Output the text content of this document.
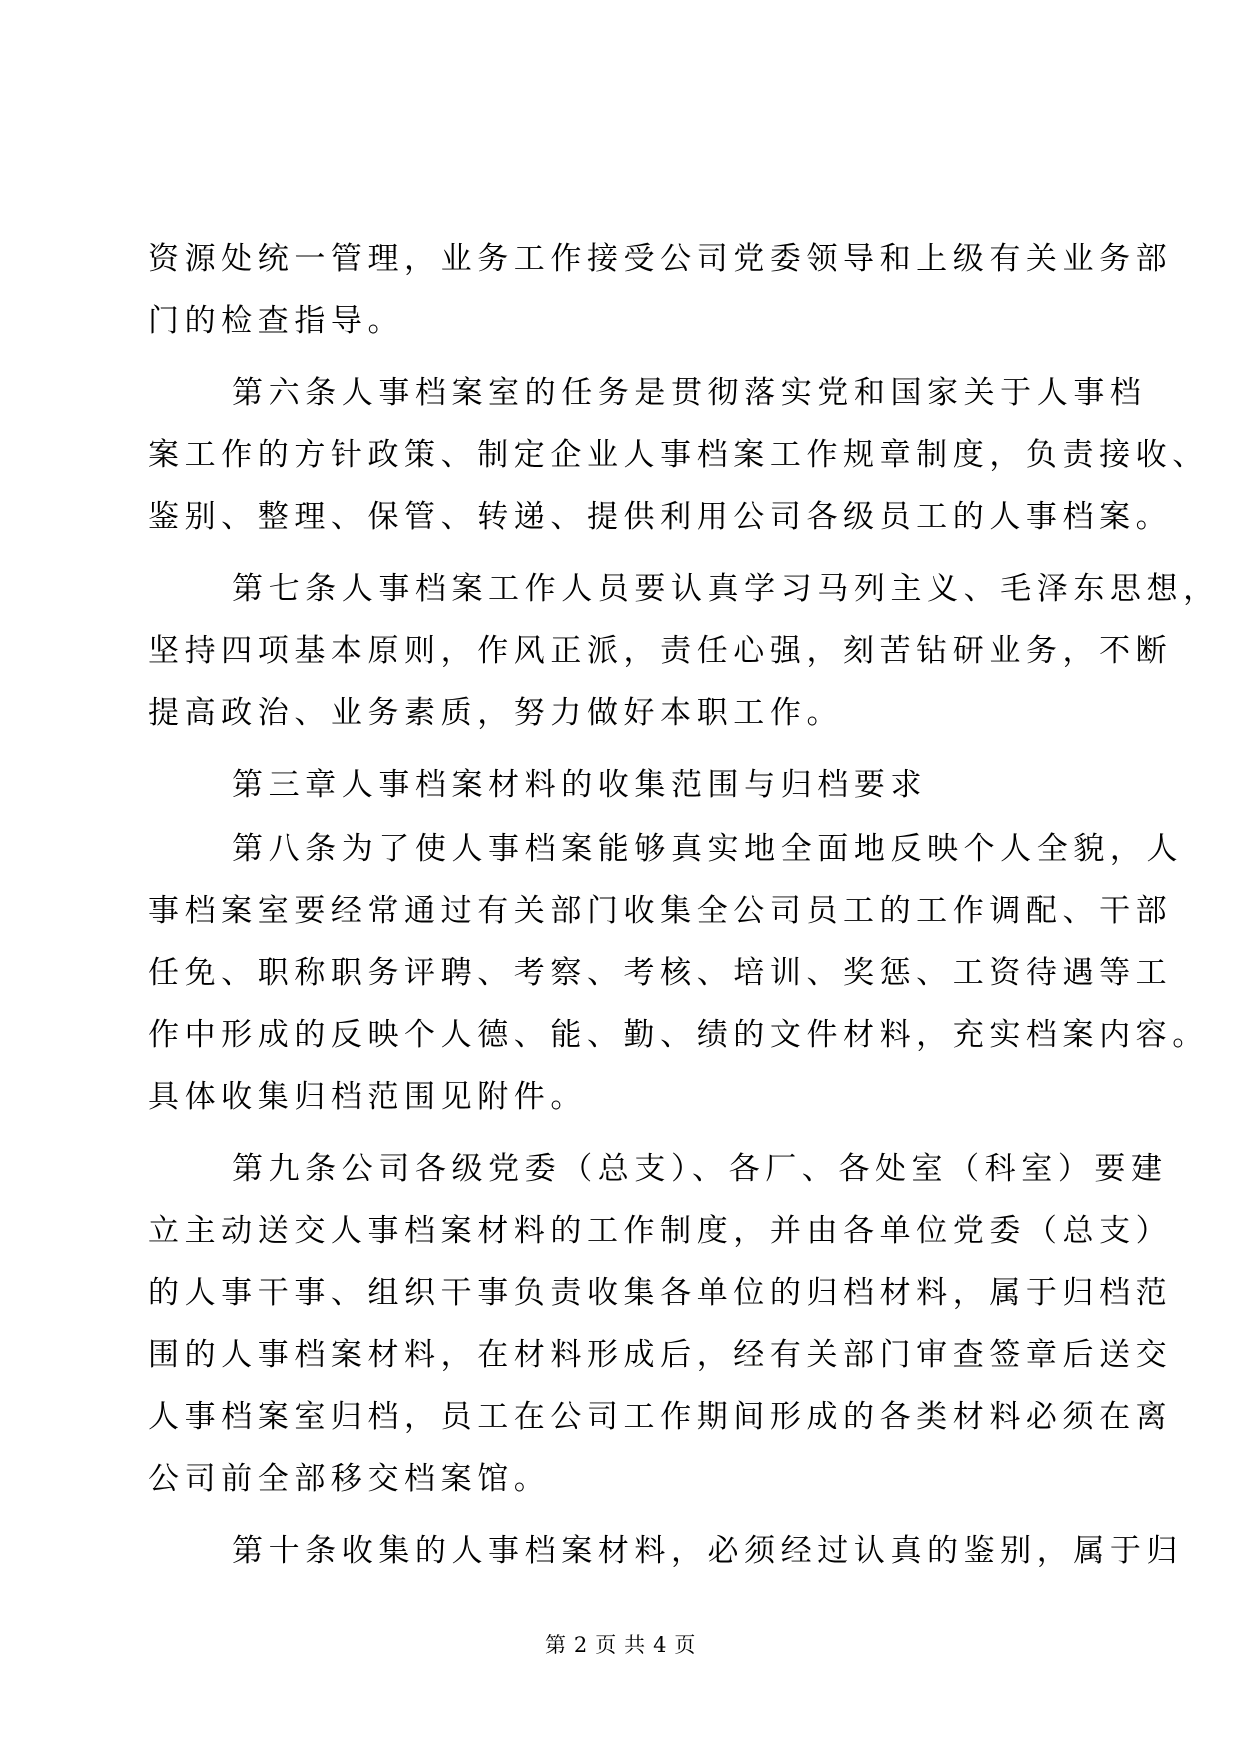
资源处统一管理，业务工作接受公司党委领导和上级有关业务部
门的检查指导。
第六条人事档案室的任务是贯彻落实党和国家关于人事档
案工作的方针政策、制定企业人事档案工作规章制度，负责接收、
鉴别、整理、保管、转递、提供利用公司各级员工的人事档案。
第七条人事档案工作人员要认真学习马列主义、毛泽东思想，
坚持四项基本原则，作风正派，责任心强，刻苦钻研业务，不断
提高政治、业务素质，努力做好本职工作。
第三章人事档案材料的收集范围与归档要求
第八条为了使人事档案能够真实地全面地反映个人全貌，人
事档案室要经常通过有关部门收集全公司员工的工作调配、干部
任免、职称职务评聘、考察、考核、培训、奖惩、工资待遇等工
作中形成的反映个人德、能、勤、绩的文件材料，充实档案内容。
具体收集归档范围见附件。
第九条公司各级党委（总支）、各厂、各处室（科室）要建
立主动送交人事档案材料的工作制度，并由各单位党委（总支）
的人事干事、组织干事负责收集各单位的归档材料，属于归档范
围的人事档案材料，在材料形成后，经有关部门审查签章后送交
人事档案室归档，员工在公司工作期间形成的各类材料必须在离
公司前全部移交档案馆。
第十条收集的人事档案材料，必须经过认真的鉴别，属于归
第 2 页 共 4 页
